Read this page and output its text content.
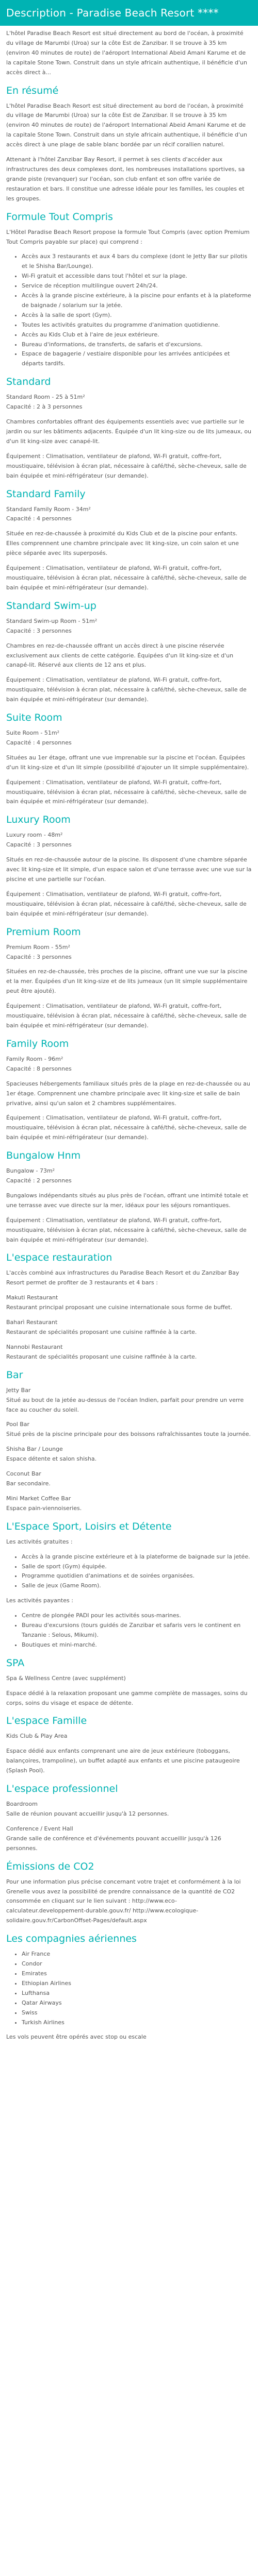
Description - Paradise Beach Resort ****

L'hôtel Paradise Beach Resort est situé directement au bord de l'océan, à proximité du village de Marumbi (Uroa) sur la côte Est de Zanzibar. Il se trouve à 35 km (environ 40 minutes de route) de l'aéroport International Abeid Amani Karume et de la capitale Stone Town. Construit dans un style africain authentique, il bénéficie d'un accès direct à...

En résumé

L'hôtel Paradise Beach Resort est situé directement au bord de l'océan, à proximité du village de Marumbi (Uroa) sur la côte Est de Zanzibar. Il se trouve à 35 km (environ 40 minutes de route) de l'aéroport International Abeid Amani Karume et de la capitale Stone Town. Construit dans un style africain authentique, il bénéficie d'un accès direct à une plage de sable blanc bordée par un récif corallien naturel.

Attenant à l'hôtel Zanzibar Bay Resort, il permet à ses clients d'accéder aux infrastructures des deux complexes dont, les nombreuses installations sportives, sa grande piste (revanquer) sur l'océan, son club enfant et son offre variée de restauration et bars. Il constitue une adresse idéale pour les familles, les couples et les groupes.

Formule Tout Compris

L'Hôtel Paradise Beach Resort propose la formule Tout Compris (avec option Premium Tout Compris payable sur place) qui comprend :

• Accès aux 3 restaurants et aux 4 bars du complexe (dont le Jetty Bar sur pilotis et le Shisha Bar/Lounge).
• Wi-Fi gratuit et accessible dans tout l'hôtel et sur la plage.
• Service de réception multilingue ouvert 24h/24.
• Accès à la grande piscine extérieure, à la piscine pour enfants et à la plateforme de baignade / solarium sur la jetée.
• Accès à la salle de sport (Gym).
• Toutes les activités gratuites du programme d'animation quotidienne.
• Accès au Kids Club et à l'aire de jeux extérieure.
• Bureau d'informations, de transferts, de safaris et d'excursions.
• Espace de bagagerie / vestiaire disponible pour les arrivées anticipées et départs tardifs.
Standard

Standard Room - 25 à 51m²
Capacité : 2 à 3 personnes

Chambres confortables offrant des équipements essentiels avec vue partielle sur le jardin ou sur les bâtiments adjacents. Équipée d'un lit king-size ou de lits jumeaux, ou d'un lit king-size avec canapé-lit.

Équipement : Climatisation, ventilateur de plafond, Wi-Fi gratuit, coffre-fort, moustiquaire, télévision à écran plat, nécessaire à café/thé, sèche-cheveux, salle de bain équipée et mini-réfrigérateur (sur demande).

Standard Family

Standard Family Room - 34m²
Capacité : 4 personnes

Située en rez-de-chaussée à proximité du Kids Club et de la piscine pour enfants. Elles comprennent une chambre principale avec lit king-size, un coin salon et une pièce séparée avec lits superposés.

Équipement : Climatisation, ventilateur de plafond, Wi-Fi gratuit, coffre-fort, moustiquaire, télévision à écran plat, nécessaire à café/thé, sèche-cheveux, salle de bain équipée et mini-réfrigérateur (sur demande).

Standard Swim-up

Standard Swim-up Room - 51m²
Capacité : 3 personnes

Chambres en rez-de-chaussée offrant un accès direct à une piscine réservée exclusivement aux clients de cette catégorie. Équipées d'un lit king-size et d'un canapé-lit. Réservé aux clients de 12 ans et plus.

Équipement : Climatisation, ventilateur de plafond, Wi-Fi gratuit, coffre-fort, moustiquaire, télévision à écran plat, nécessaire à café/thé, sèche-cheveux, salle de bain équipée et mini-réfrigérateur (sur demande).

Suite Room

Suite Room - 51m²
Capacité : 4 personnes

Situées au 1er étage, offrant une vue imprenable sur la piscine et l'océan. Équipées d'un lit king-size et d'un lit simple (possibilité d'ajouter un lit simple supplémentaire).

Équipement : Climatisation, ventilateur de plafond, Wi-Fi gratuit, coffre-fort, moustiquaire, télévision à écran plat, nécessaire à café/thé, sèche-cheveux, salle de bain équipée et mini-réfrigérateur (sur demande).

Luxury Room

Luxury room - 48m²
Capacité : 3 personnes

Situés en rez-de-chaussée autour de la piscine. Ils disposent d'une chambre séparée avec lit king-size et lit simple, d'un espace salon et d'une terrasse avec une vue sur la piscine et une partielle sur l'océan.

Équipement : Climatisation, ventilateur de plafond, Wi-Fi gratuit, coffre-fort, moustiquaire, télévision à écran plat, nécessaire à café/thé, sèche-cheveux, salle de bain équipée et mini-réfrigérateur (sur demande).

Premium Room

Premium Room - 55m²
Capacité : 3 personnes

Situées en rez-de-chaussée, très proches de la piscine, offrant une vue sur la piscine et la mer. Équipées d'un lit king-size et de lits jumeaux (un lit simple supplémentaire peut être ajouté).

Équipement : Climatisation, ventilateur de plafond, Wi-Fi gratuit, coffre-fort, moustiquaire, télévision à écran plat, nécessaire à café/thé, sèche-cheveux, salle de bain équipée et mini-réfrigérateur (sur demande).

Family Room

Family Room - 96m²
Capacité : 8 personnes

Spacieuses hébergements familiaux situés près de la plage en rez-de-chaussée ou au 1er étage. Comprennent une chambre principale avec lit king-size et salle de bain privative, ainsi qu'un salon et 2 chambres supplémentaires.

Équipement : Climatisation, ventilateur de plafond, Wi-Fi gratuit, coffre-fort, moustiquaire, télévision à écran plat, nécessaire à café/thé, sèche-cheveux, salle de bain équipée et mini-réfrigérateur (sur demande).

Bungalow Hnm

Bungalow - 73m²
Capacité : 2 personnes

Bungalows indépendants situés au plus près de l'océan, offrant une intimité totale et une terrasse avec vue directe sur la mer, idéaux pour les séjours romantiques.

Équipement : Climatisation, ventilateur de plafond, Wi-Fi gratuit, coffre-fort, moustiquaire, télévision à écran plat, nécessaire à café/thé, sèche-cheveux, salle de bain équipée et mini-réfrigérateur (sur demande).

L'espace restauration

L'accès combiné aux infrastructures du Paradise Beach Resort et du Zanzibar Bay Resort permet de profiter de 3 restaurants et 4 bars :

Makuti Restaurant
Restaurant principal proposant une cuisine internationale sous forme de buffet.

Baharì Restaurant
Restaurant de spécialités proposant une cuisine raffinée à la carte.

Nannobi Restaurant
Restaurant de spécialités proposant une cuisine raffinée à la carte.

Bar

Jetty Bar
Situé au bout de la jetée au-dessus de l'océan Indien, parfait pour prendre un verre face au coucher du soleil.

Pool Bar
Situé près de la piscine principale pour des boissons rafraîchissantes toute la journée.

Shisha Bar / Lounge
Espace détente et salon shisha.

Coconut Bar
Bar secondaire.

Mini Market Coffee Bar
Espace pain-viennoiseries.

L'Espace Sport, Loisirs et Détente

Les activités gratuites :

• Accès à la grande piscine extérieure et à la plateforme de baignade sur la jetée.
• Salle de sport (Gym) équipée.
• Programme quotidien d'animations et de soirées organisées.
• Salle de jeux (Game Room).

Les activités payantes :

• Centre de plongée PADI pour les activités sous-marines.
• Bureau d'excursions (tours guidés de Zanzibar et safaris vers le continent en Tanzanie : Selous, Mikumi).
• Boutiques et mini-marché.
SPA

Spa & Wellness Centre (avec supplément)

Espace dédié à la relaxation proposant une gamme complète de massages, soins du corps, soins du visage et espace de détente.

L'espace Famille

Kids Club & Play Area

Espace dédié aux enfants comprenant une aire de jeux extérieure (toboggans, balançoires, trampoline), un buffet adapté aux enfants et une piscine pataugeoire (Splash Pool).

L'espace professionnel

Boardroom
Salle de réunion pouvant accueillir jusqu'à 12 personnes.

Conference / Event Hall
Grande salle de conférence et d'événements pouvant accueillir jusqu'à 126 personnes.

Émissions de CO2

Pour une information plus précise concernant votre trajet et conformément à la loi Grenelle vous avez la possibilité de prendre connaissance de la quantité de CO2 consommée en cliquant sur le lien suivant : http://www.eco-calculateur.developpement-durable.gouv.fr/ http://www.ecologique-solidaire.gouv.fr/CarbonOffset-Pages/default.aspx

Les compagnies aériennes
• Air France
• Condor
• Emirates
• Ethiopian Airlines
• Lufthansa
• Qatar Airways
• Swiss
• Turkish Airlines

Les vols peuvent être opérés avec stop ou escale
